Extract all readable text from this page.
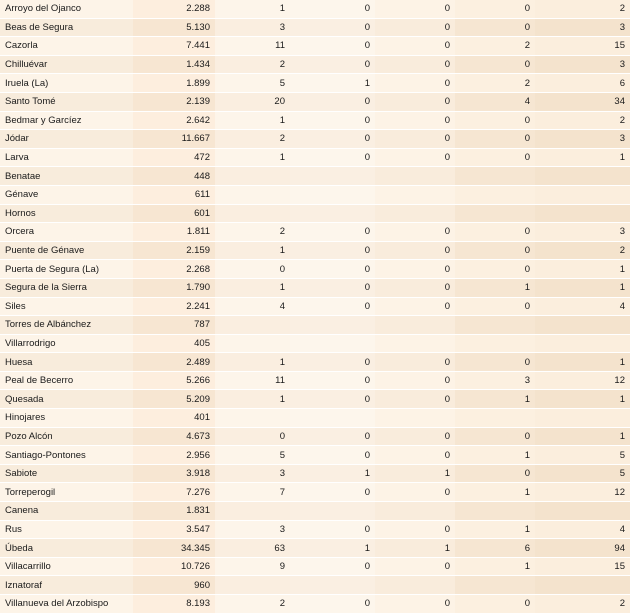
Arroyo del Ojanco	2.288	1	0	0	0	2
Beas de Segura	5.130	3	0	0	0	3
Cazorla	7.441	11	0	0	2	15
Chilluévar	1.434	2	0	0	0	3
Iruela (La)	1.899	5	1	0	2	6
Santo Tomé	2.139	20	0	0	4	34
Bedmar y Garcíez	2.642	1	0	0	0	2
Jódar	11.667	2	0	0	0	3
Larva	472	1	0	0	0	1
Benatae	448					
Génave	611					
Hornos	601					
Orcera	1.811	2	0	0	0	3
Puente de Génave	2.159	1	0	0	0	2
Puerta de Segura (La)	2.268	0	0	0	0	1
Segura de la Sierra	1.790	1	0	0	1	1
Siles	2.241	4	0	0	0	4
Torres de Albánchez	787					
Villarrodrigo	405					
Huesa	2.489	1	0	0	0	1
Peal de Becerro	5.266	11	0	0	3	12
Quesada	5.209	1	0	0	1	1
Hinojares	401					
Pozo Alcón	4.673	0	0	0	0	1
Santiago-Pontones	2.956	5	0	0	1	5
Sabiote	3.918	3	1	1	0	5
Torreperogil	7.276	7	0	0	1	12
Canena	1.831					
Rus	3.547	3	0	0	1	4
Úbeda	34.345	63	1	1	6	94
Villacarrillo	10.726	9	0	0	1	15
Iznatoraf	960					
Villanueva del Arzobispo	8.193	2	0	0	0	2
